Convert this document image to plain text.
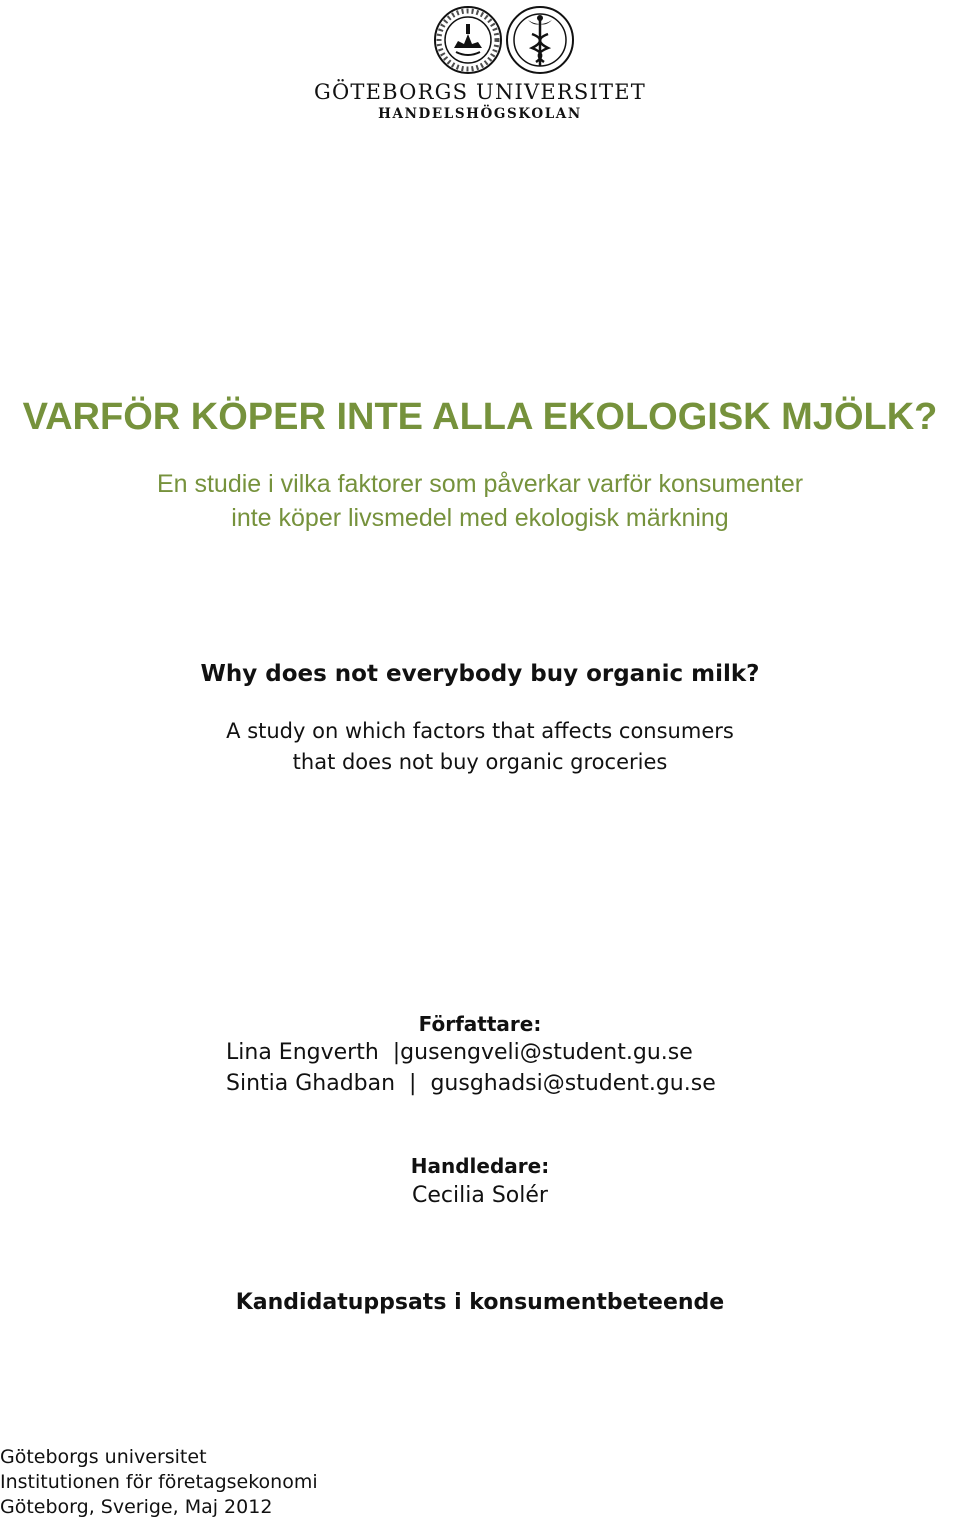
GÖTEBORGS UNIVERSITET
HANDELSHÖGSKOLAN
VARFÖR KÖPER INTE ALLA EKOLOGISK MJÖLK?
En studie i vilka faktorer som påverkar varför konsumenter
inte köper livsmedel med ekologisk märkning
Why does not everybody buy organic milk?
A study on which factors that affects consumers
that does not buy organic groceries
Författare:
Lina Engverth  |gusengveli@student.gu.se
Sintia Ghadban  |  gusghadsi@student.gu.se
Handledare:
Cecilia Solér
Kandidatuppsats i konsumentbeteende
Göteborgs universitet
Institutionen för företagsekonomi
Göteborg, Sverige, Maj 2012
